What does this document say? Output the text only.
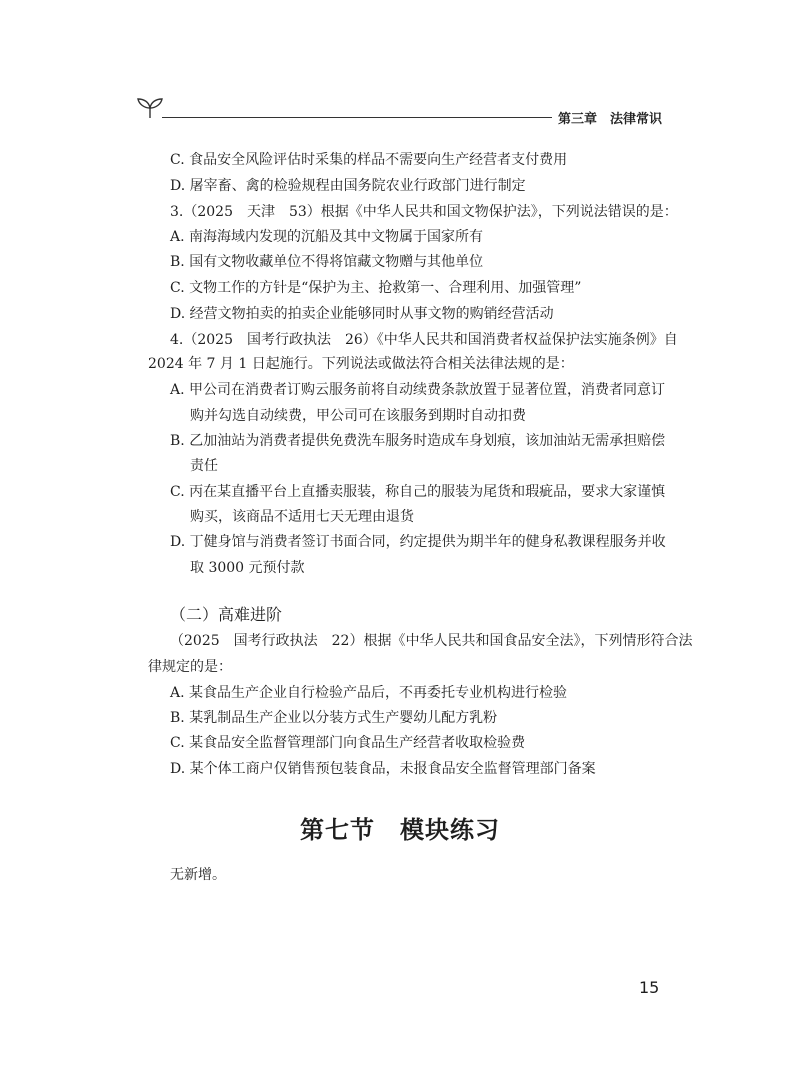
第三章　法律常识
C. 食品安全风险评估时采集的样品不需要向生产经营者支付费用
D. 屠宰畜、禽的检验规程由国务院农业行政部门进行制定
3.（2025　天津　53）根据《中华人民共和国文物保护法》，下列说法错误的是：
A. 南海海域内发现的沉船及其中文物属于国家所有
B. 国有文物收藏单位不得将馆藏文物赠与其他单位
C. 文物工作的方针是“保护为主、抢救第一、合理利用、加强管理”
D. 经营文物拍卖的拍卖企业能够同时从事文物的购销经营活动
4.（2025　国考行政执法　26）《中华人民共和国消费者权益保护法实施条例》自
2024 年 7 月 1 日起施行。下列说法或做法符合相关法律法规的是：
A. 甲公司在消费者订购云服务前将自动续费条款放置于显著位置，消费者同意订
购并勾选自动续费，甲公司可在该服务到期时自动扣费
B. 乙加油站为消费者提供免费洗车服务时造成车身划痕，该加油站无需承担赔偿
责任
C. 丙在某直播平台上直播卖服装，称自己的服装为尾货和瑕疵品，要求大家谨慎
购买，该商品不适用七天无理由退货
D. 丁健身馆与消费者签订书面合同，约定提供为期半年的健身私教课程服务并收
取 3000 元预付款
（二）高难进阶
（2025　国考行政执法　22）根据《中华人民共和国食品安全法》，下列情形符合法
律规定的是：
A. 某食品生产企业自行检验产品后，不再委托专业机构进行检验
B. 某乳制品生产企业以分装方式生产婴幼儿配方乳粉
C. 某食品安全监督管理部门向食品生产经营者收取检验费
D. 某个体工商户仅销售预包装食品，未报食品安全监督管理部门备案
第七节　模块练习
无新增。
15
